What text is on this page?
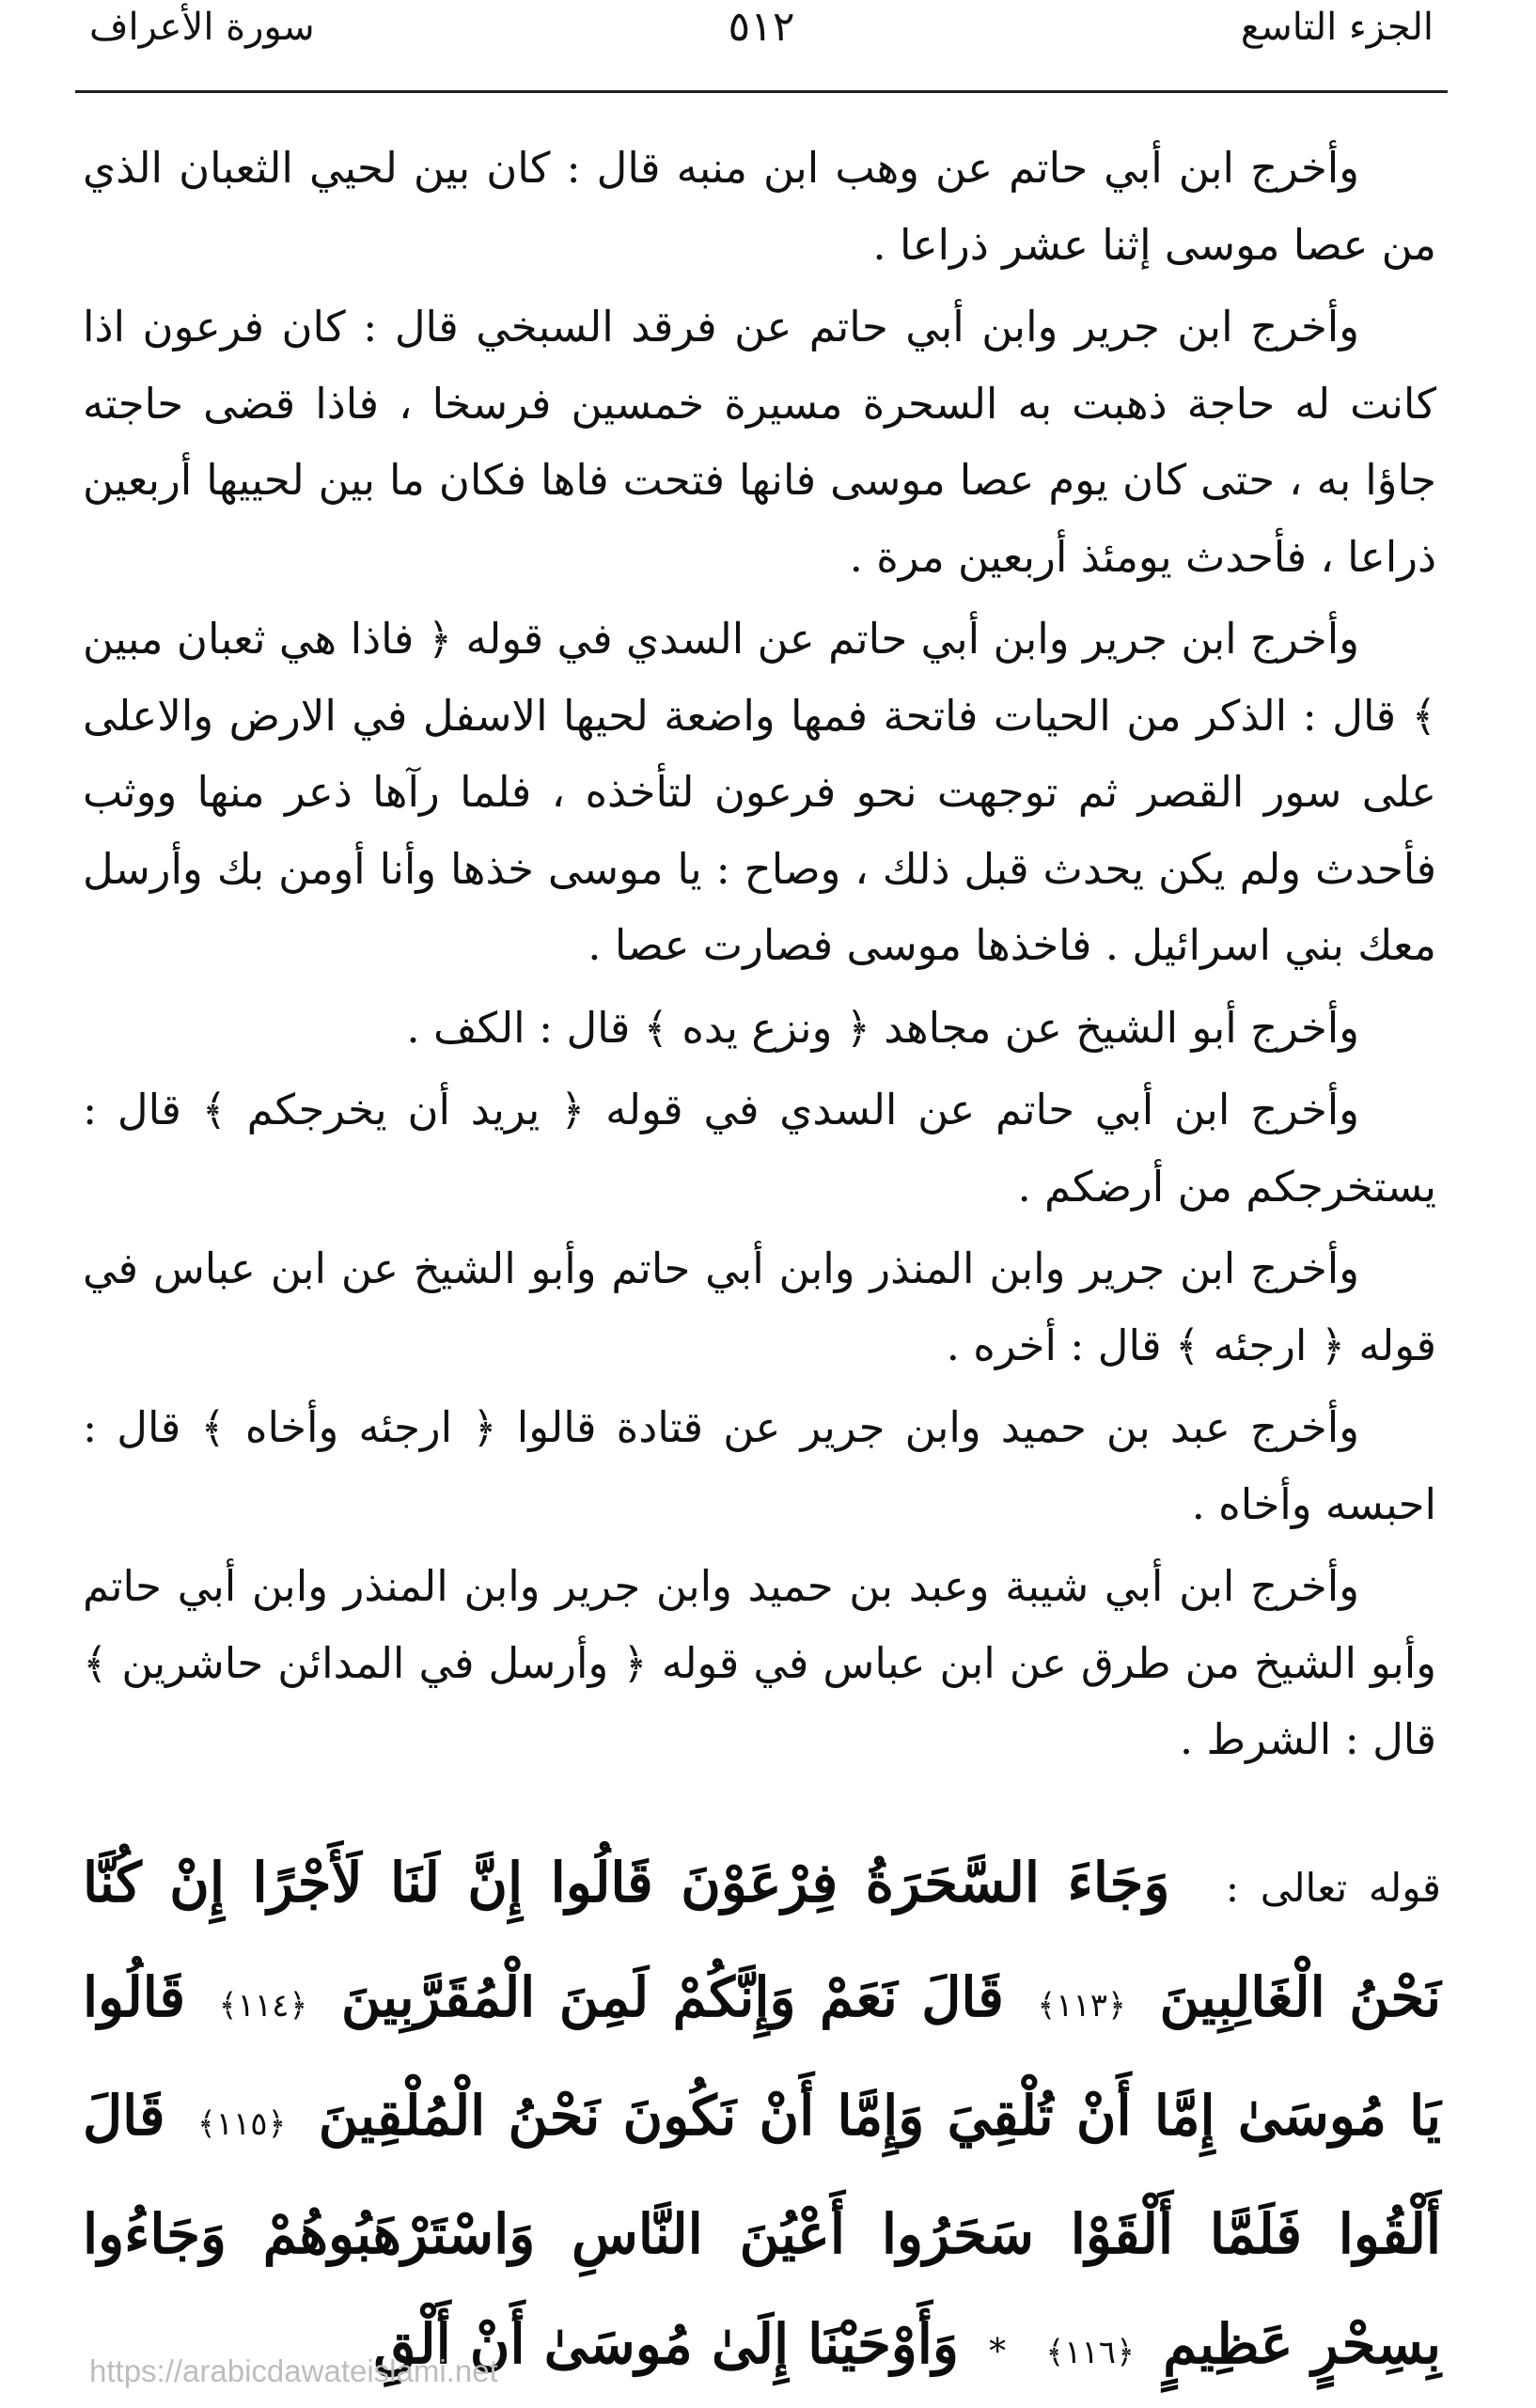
الجزء التاسع
٥١٢
سورة الأعراف

وأخرج ابن أبي حاتم عن وهب ابن منبه قال : كان بين لحيي الثعبان الذي من عصا موسى إثنا عشر ذراعا .

وأخرج ابن جرير وابن أبي حاتم عن فرقد السبخي قال : كان فرعون اذا كانت له حاجة ذهبت به السحرة مسيرة خمسين فرسخا ، فاذا قضى حاجته جاؤا به ، حتى كان يوم عصا موسى فانها فتحت فاها فكان ما بين لحييها أربعين ذراعا ، فأحدث يومئذ أربعين مرة .

وأخرج ابن جرير وابن أبي حاتم عن السدي في قوله ﴿ فاذا هي ثعبان مبين ﴾ قال : الذكر من الحيات فاتحة فمها واضعة لحيها الاسفل في الارض والاعلى على سور القصر ثم توجهت نحو فرعون لتأخذه ، فلما رآها ذعر منها ووثب فأحدث ولم يكن يحدث قبل ذلك ، وصاح : يا موسى خذها وأنا أومن بك وأرسل معك بني اسرائيل . فاخذها موسى فصارت عصا .

وأخرج أبو الشيخ عن مجاهد ﴿ ونزع يده ﴾ قال : الكف .

وأخرج ابن أبي حاتم عن السدي في قوله ﴿ يريد أن يخرجكم ﴾ قال : يستخرجكم من أرضكم .

وأخرج ابن جرير وابن المنذر وابن أبي حاتم وأبو الشيخ عن ابن عباس في قوله ﴿ ارجئه ﴾ قال : أخره .

وأخرج عبد بن حميد وابن جرير عن قتادة قالوا ﴿ ارجئه وأخاه ﴾ قال : احبسه وأخاه .

وأخرج ابن أبي شيبة وعبد بن حميد وابن جرير وابن المنذر وابن أبي حاتم وأبو الشيخ من طرق عن ابن عباس في قوله ﴿ وأرسل في المدائن حاشرين ﴾ قال : الشرط .

قوله تعالى : وَجَاءَ السَّحَرَةُ فِرْعَوْنَ قَالُوا إِنَّ لَنَا لَأَجْرًا إِنْ كُنَّا نَحْنُ الْغَالِبِينَ ﴿١١٣﴾ قَالَ نَعَمْ وَإِنَّكُمْ لَمِنَ الْمُقَرَّبِينَ ﴿١١٤﴾ قَالُوا يَا مُوسَىٰ إِمَّا أَنْ تُلْقِيَ وَإِمَّا أَنْ نَكُونَ نَحْنُ الْمُلْقِينَ ﴿١١٥﴾ قَالَ أَلْقُوا فَلَمَّا أَلْقَوْا سَحَرُوا أَعْيُنَ النَّاسِ وَاسْتَرْهَبُوهُمْ وَجَاءُوا بِسِحْرٍ عَظِيمٍ ﴿١١٦﴾ * وَأَوْحَيْنَا إِلَىٰ مُوسَىٰ أَنْ أَلْقِ
https://arabicdawateislami.net
